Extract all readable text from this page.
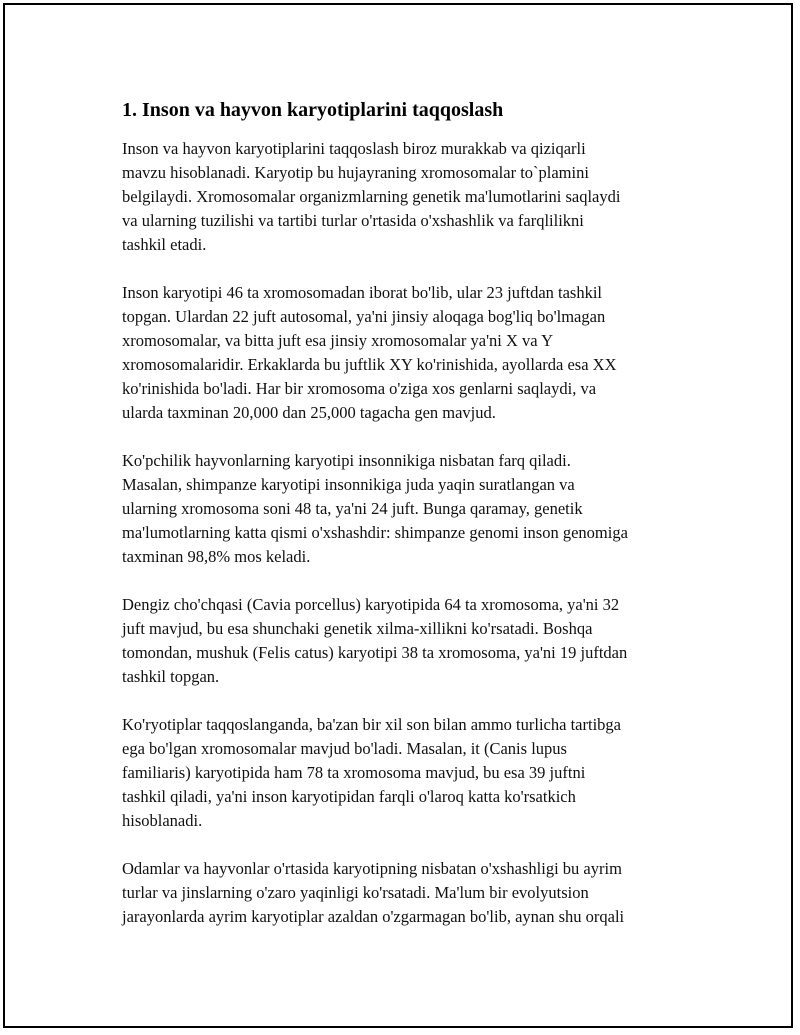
1. Inson va hayvon karyotiplarini taqqoslash

Inson va hayvon karyotiplarini taqqoslash biroz murakkab va qiziqarli
mavzu hisoblanadi. Karyotip bu hujayraning xromosomalar to`plamini
belgilaydi. Xromosomalar organizmlarning genetik ma'lumotlarini saqlaydi
va ularning tuzilishi va tartibi turlar o'rtasida o'xshashlik va farqlilikni
tashkil etadi.

Inson karyotipi 46 ta xromosomadan iborat bo'lib, ular 23 juftdan tashkil
topgan. Ulardan 22 juft autosomal, ya'ni jinsiy aloqaga bog'liq bo'lmagan
xromosomalar, va bitta juft esa jinsiy xromosomalar ya'ni X va Y
xromosomalaridir. Erkaklarda bu juftlik XY ko'rinishida, ayollarda esa XX
ko'rinishida bo'ladi. Har bir xromosoma o'ziga xos genlarni saqlaydi, va
ularda taxminan 20,000 dan 25,000 tagacha gen mavjud.

Ko'pchilik hayvonlarning karyotipi insonnikiga nisbatan farq qiladi.
Masalan, shimpanze karyotipi insonnikiga juda yaqin suratlangan va
ularning xromosoma soni 48 ta, ya'ni 24 juft. Bunga qaramay, genetik
ma'lumotlarning katta qismi o'xshashdir: shimpanze genomi inson genomiga
taxminan 98,8% mos keladi.

Dengiz cho'chqasi (Cavia porcellus) karyotipida 64 ta xromosoma, ya'ni 32
juft mavjud, bu esa shunchaki genetik xilma-xillikni ko'rsatadi. Boshqa
tomondan, mushuk (Felis catus) karyotipi 38 ta xromosoma, ya'ni 19 juftdan
tashkil topgan.

Ko'ryotiplar taqqoslanganda, ba'zan bir xil son bilan ammo turlicha tartibga
ega bo'lgan xromosomalar mavjud bo'ladi. Masalan, it (Canis lupus
familiaris) karyotipida ham 78 ta xromosoma mavjud, bu esa 39 juftni
tashkil qiladi, ya'ni inson karyotipidan farqli o'laroq katta ko'rsatkich
hisoblanadi.

Odamlar va hayvonlar o'rtasida karyotipning nisbatan o'xshashligi bu ayrim
turlar va jinslarning o'zaro yaqinligi ko'rsatadi. Ma'lum bir evolyutsion
jarayonlarda ayrim karyotiplar azaldan o'zgarmagan bo'lib, aynan shu orqali
